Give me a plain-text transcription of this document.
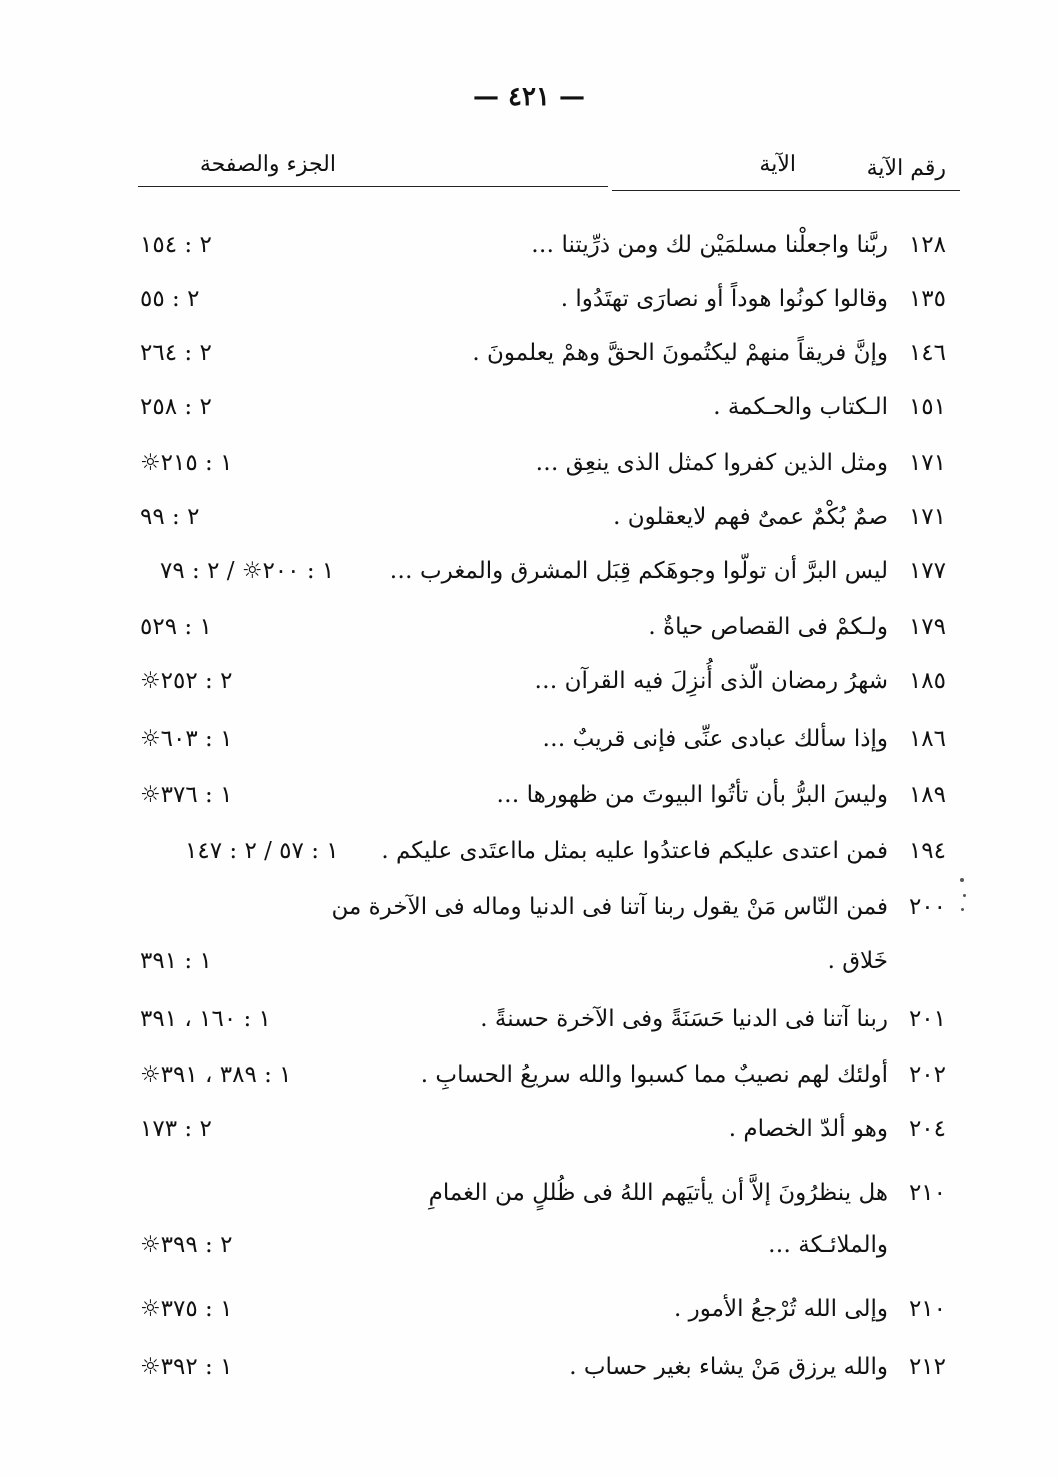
— ٤٢١ —
رقم الآية
الآية
الجزء والصفحة
١٢٨
ربَّنا واجعلْنا مسلمَيْن لك ومن ذرِّيتنا …
٢ : ١٥٤
١٣٥
وقالوا كونُوا هوداً أو نصارَى تهتَدُوا .
٢ : ٥٥
١٤٦
وإنَّ فريقاً منهمْ ليكتُمونَ الحقَّ وهمْ يعلمونَ .
٢ : ٢٦٤
١٥١
الـكتاب والحـكمة .
٢ : ٢٥٨
١٧١
ومثل الذين كفروا كمثل الذى ينعِق …
١ : ٢١٥☼
١٧١
صمٌ بُكْمٌ عمىٌ فهم لايعقلون .
٢ : ٩٩
١٧٧
ليس البرَّ أن تولّوا وجوهَكم قِبَل المشرق والمغرب …
١ : ٢٠٠☼ / ٢ : ٧٩
١٧٩
ولـكمْ فى القصاص حياةٌ .
١ : ٥٢٩
١٨٥
شهرُ رمضان الّذى أُنزِلَ فيه القرآن …
٢ : ٢٥٢☼
١٨٦
وإذا سألك عبادى عنِّى فإنى قريبٌ …
١ : ٦٠٣☼
١٨٩
وليسَ البرُّ بأن تأتُوا البيوتَ من ظهورها …
١ : ٣٧٦☼
١٩٤
فمن اعتدى عليكم فاعتدُوا عليه بمثل مااعتَدى عليكم .
١ : ٥٧ / ٢ : ١٤٧
٢٠٠
فمن النّاس مَنْ يقول ربنا آتنا فى الدنيا وماله فى الآخرة من
خَلاق .
١ : ٣٩١
٢٠١
ربنا آتنا فى الدنيا حَسَنَةً وفى الآخرة حسنةً .
١ : ١٦٠ ، ٣٩١
٢٠٢
أولئك لهم نصيبٌ مما كسبوا والله سريعُ الحسابِ .
١ : ٣٨٩ ، ٣٩١☼
٢٠٤
وهو ألدّ الخصام .
٢ : ١٧٣
٢١٠
هل ينظرُونَ إلاَّ أن يأتيَهم اللهُ فى ظُللٍ من الغمامِ
والملائـكة …
٢ : ٣٩٩☼
٢١٠
وإلى الله تُرْجعُ الأمور .
١ : ٣٧٥☼
٢١٢
والله يرزق مَنْ يشاء بغير حساب .
١ : ٣٩٢☼
